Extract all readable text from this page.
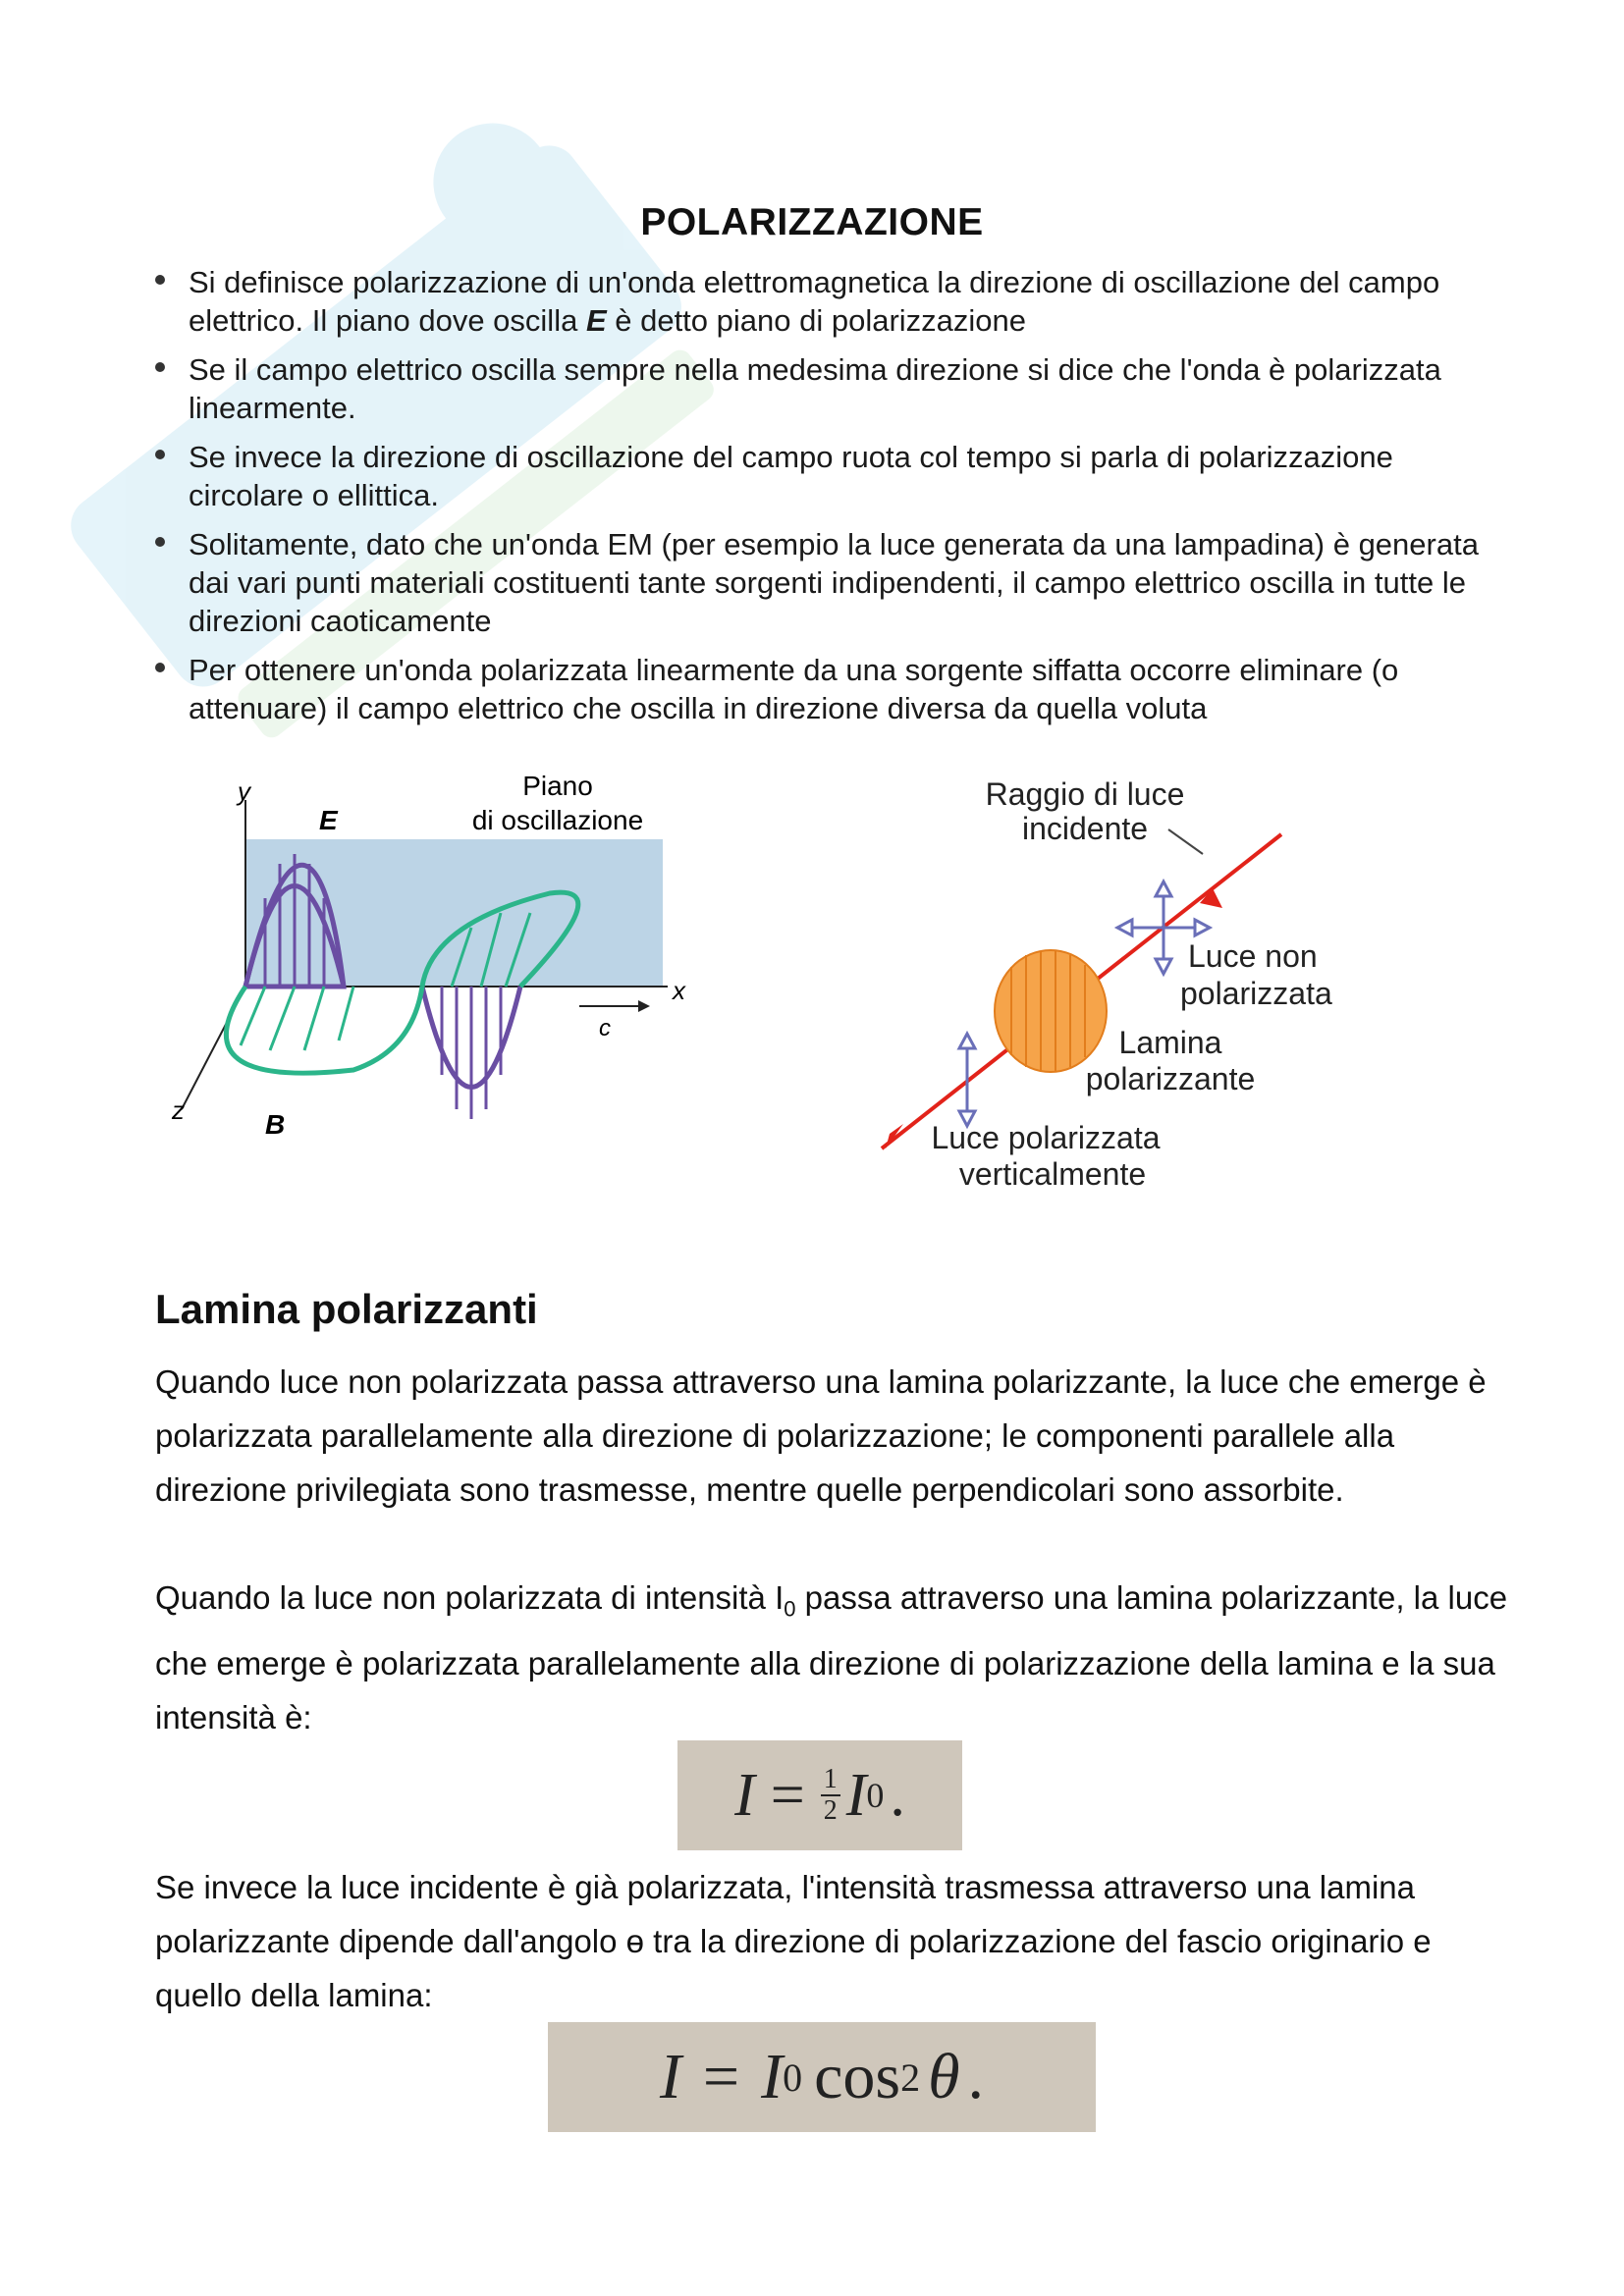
POLARIZZAZIONE
Si definisce polarizzazione di un'onda elettromagnetica la direzione di oscillazione del campo elettrico. Il piano dove oscilla E è detto piano di polarizzazione
Se il campo elettrico oscilla sempre nella medesima direzione si dice che l'onda è polarizzata linearmente.
Se invece la direzione di oscillazione del campo ruota col tempo si parla di polarizzazione circolare o ellittica.
Solitamente, dato che un'onda EM (per esempio la luce generata da una lampadina) è generata dai vari punti materiali costituenti tante sorgenti indipendenti, il campo elettrico oscilla in tutte le direzioni caoticamente
Per ottenere un'onda polarizzata linearmente da una sorgente siffatta occorre eliminare (o attenuare) il campo elettrico che oscilla in direzione diversa da quella voluta
y
x
z
E
B
c
Piano
di oscillazione
Raggio di luce
incidente
Luce non
polarizzata
Lamina
polarizzante
Luce polarizzata
verticalmente
Lamina polarizzanti
Quando luce non polarizzata passa attraverso una lamina polarizzante, la luce che emerge è polarizzata parallelamente alla direzione di polarizzazione; le componenti parallele alla direzione privilegiata sono trasmesse, mentre quelle perpendicolari sono assorbite.
Quando la luce non polarizzata di intensità $I_0$ passa attraverso una lamina polarizzante, la luce che emerge è polarizzata parallelamente alla direzione di polarizzazione della lamina e la sua intensità è:
I = 1
2 I 0 .
Se invece la luce incidente è già polarizzata, l'intensità trasmessa attraverso una lamina polarizzante dipende dall'angolo ɵ tra la direzione di polarizzazione del fascio originario e quello della lamina:
I = I 0 cos 2 θ .
